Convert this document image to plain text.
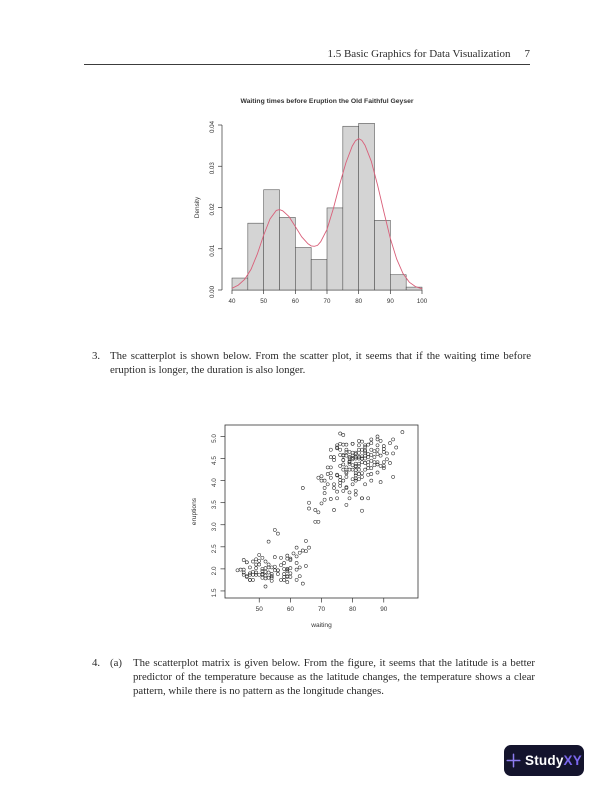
1.5 Basic Graphics for Data Visualization 7
Waiting times before Eruption the Old Faithful Geyser
0.00
0.01
0.02
0.03
0.04
Density
40	50	60	70	80	90	100
3. The scatterplot is shown below. From the scatter plot, it seems that if the waiting time before eruption is longer, the duration is also longer.
50	60	70	80	90
waiting
1.5
2.0
2.5
3.0
3.5
4.0
4.5
5.0
eruptions
4. (a)	The scatterplot matrix is given below. From the figure, it seems that the latitude is a better predictor of the temperature because as the latitude changes, the temperature shows a clear pattern, while there is no pattern as the longitude changes.
StudyXY
